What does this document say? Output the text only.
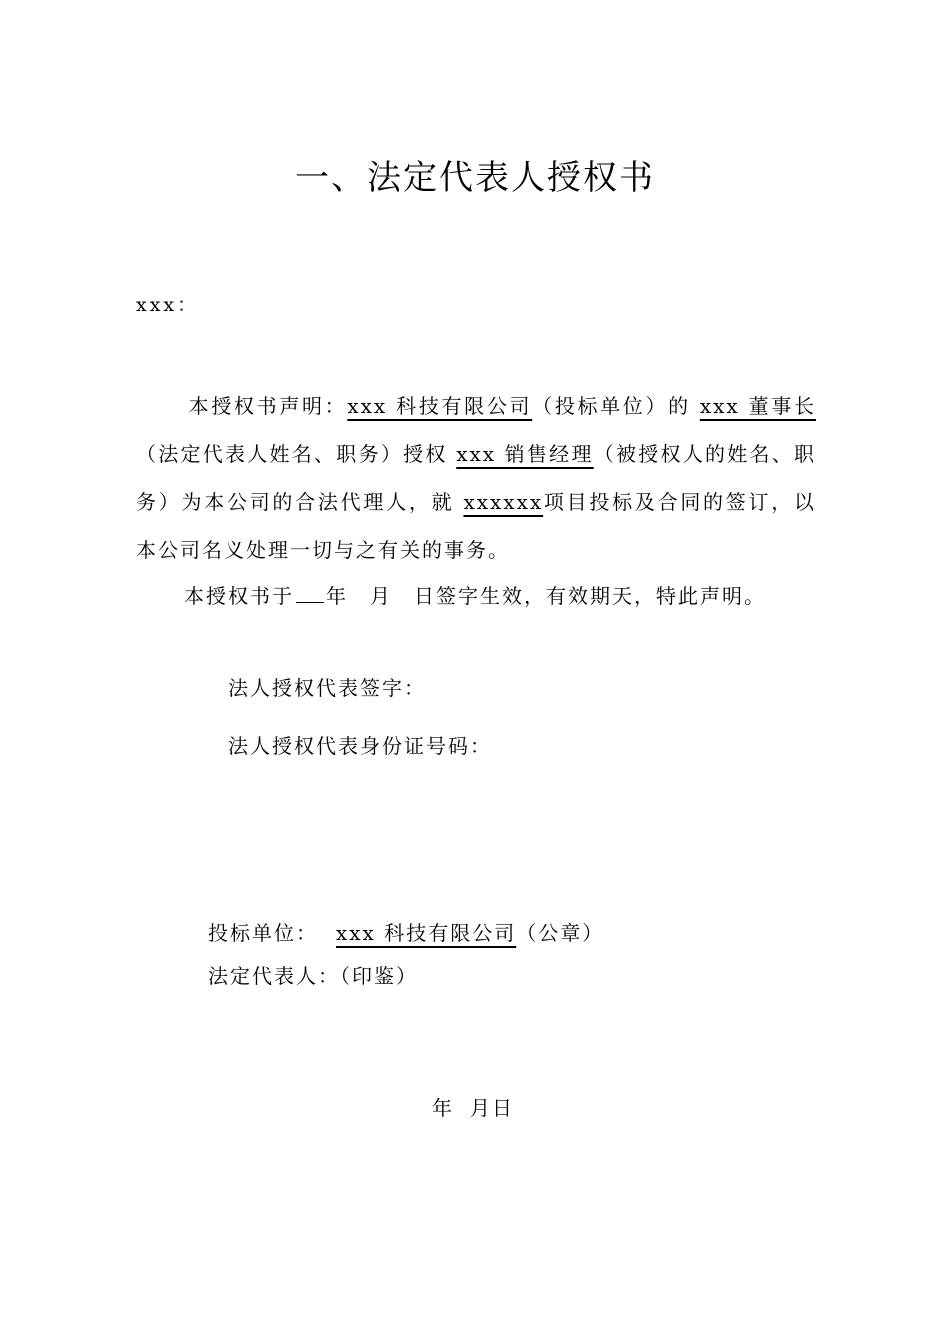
一、法定代表人授权书
xxx：
本授权书声明：xxx 科技有限公司（投标单位）的 xxx 董事长（法定代表人姓名、职务）授权 xxx 销售经理（被授权人的姓名、职务）为本公司的合法代理人，就 xxxxxx项目投标及合同的签订，以本公司名义处理一切与之有关的事务。
本授权书于 年 月 日签字生效，有效期天，特此声明。
法人授权代表签字：
法人授权代表身份证号码：
投标单位： xxx 科技有限公司（公章）
法定代表人：（印鉴）
年 月日
